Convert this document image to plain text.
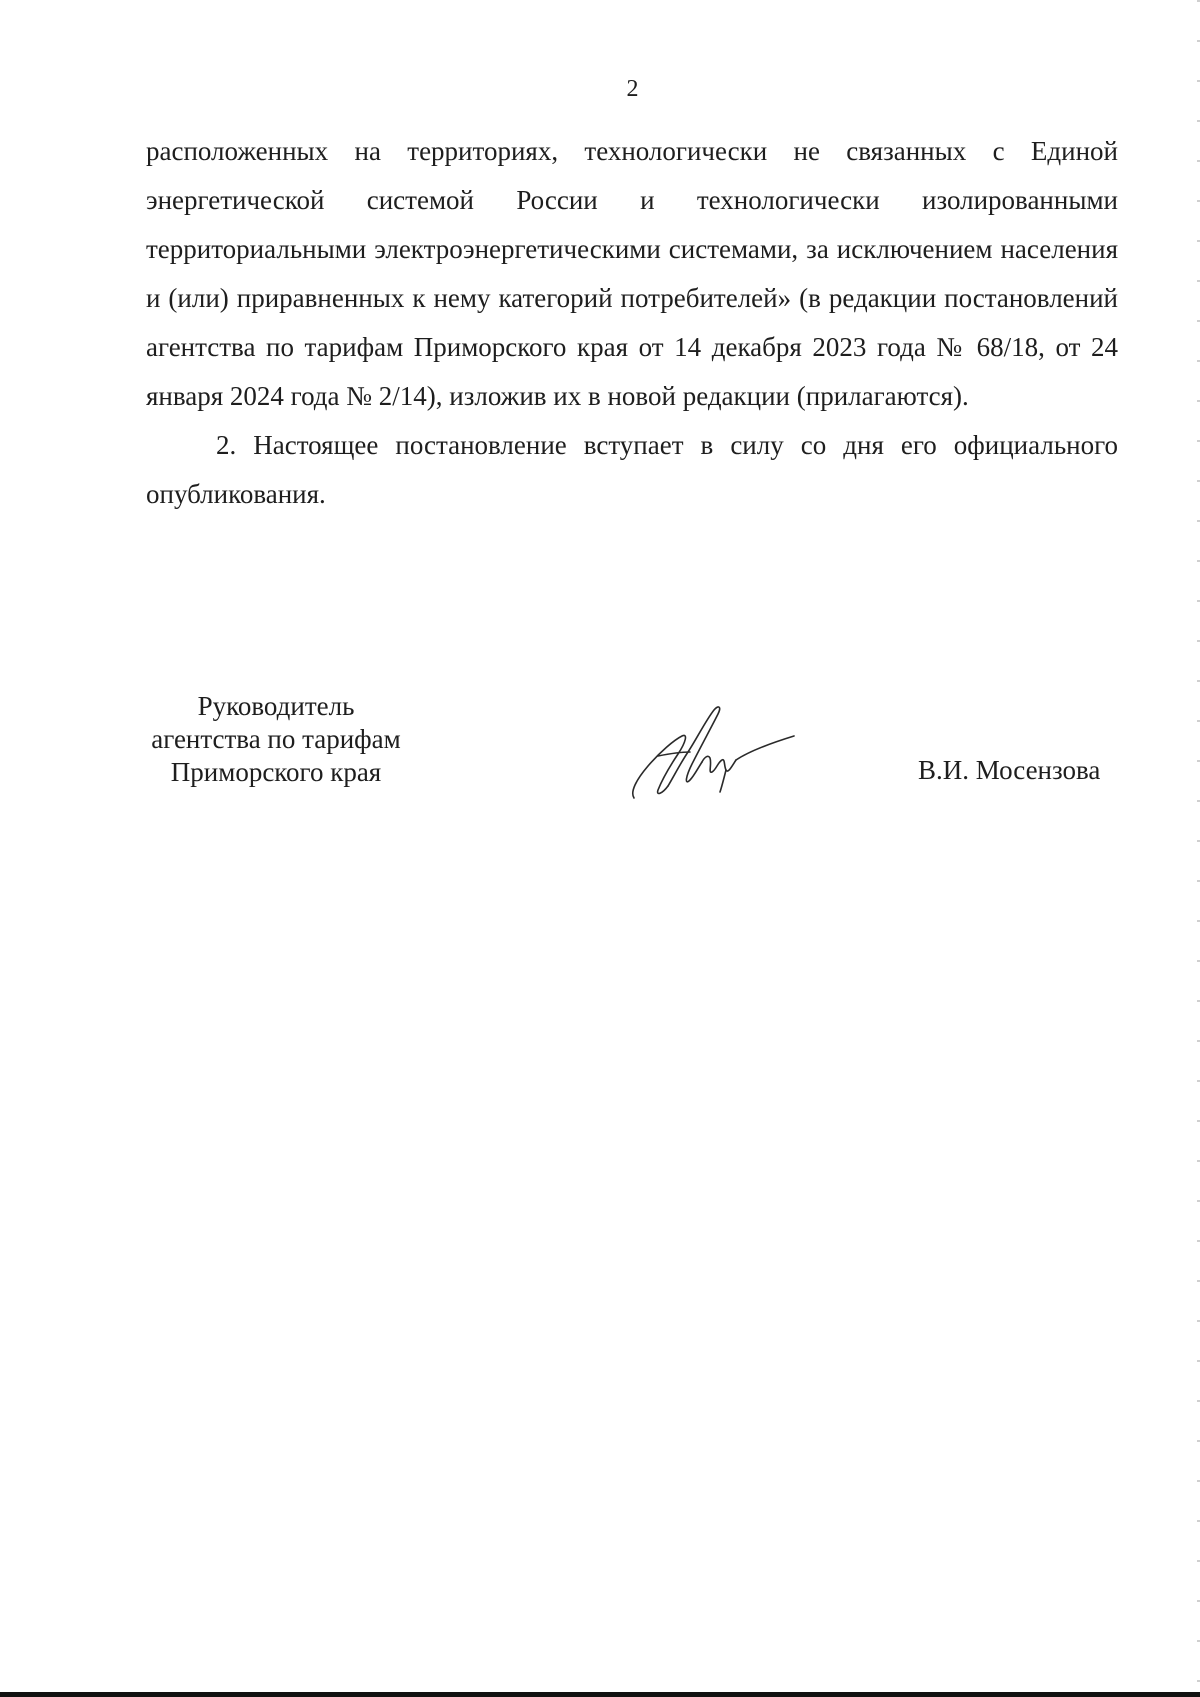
2

расположенных на территориях, технологически не связанных с Единой энергетической системой России и технологически изолированными территориальными электроэнергетическими системами, за исключением населения и (или) приравненных к нему категорий потребителей» (в редакции постановлений агентства по тарифам Приморского края от 14 декабря 2023 года № 68/18, от 24 января 2024 года № 2/14), изложив их в новой редакции (прилагаются).

2. Настоящее постановление вступает в силу со дня его официального опубликования.

Руководитель
агентства по тарифам
Приморского края	В.И. Мосензова
